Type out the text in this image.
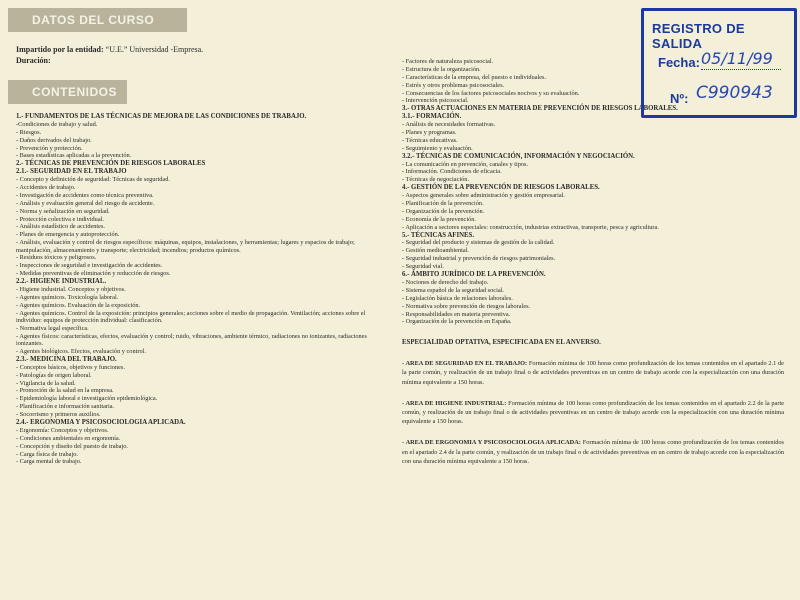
DATOS DEL CURSO
Impartido por la entidad: “U.E.” Universidad -Empresa.
Duración:
CONTENIDOS
1.- FUNDAMENTOS DE LAS TÉCNICAS DE MEJORA DE LAS CONDICIONES DE TRABAJO.
-Condiciones de trabajo y salud.
- Riesgos.
- Daños derivados del trabajo.
- Prevención y protección.
- Bases estadísticas aplicadas a la prevención.
2.- TÉCNICAS DE PREVENCIÓN DE RIESGOS LABORALES
2.1.- SEGURIDAD EN EL TRABAJO
- Concepto y definición de seguridad: Técnicas de seguridad.
- Accidentes de trabajo.
- Investigación de accidentes como técnica preventiva.
- Análisis y evaluación general del riesgo de accidente.
- Norma y señalización en seguridad.
- Protección colectiva e individual.
- Análisis estadístico de accidentes.
- Planes de emergencia y autoprotección.
- Análisis, evaluación y control de riesgos específicos: máquinas, equipos, instalaciones, y herramientas; lugares y espacios de trabajo; manipulación, almacenamiento y transporte; electricidad; incendios; productos químicos.
- Residuos tóxicos y peligrosos.
- Inspecciones de seguridad e investigación de accidentes.
- Medidas preventivas de eliminación y reducción de riesgos.
2.2.- HIGIENE INDUSTRIAL.
- Higiene industrial. Conceptos y objetivos.
- Agentes químicos. Toxicología laboral.
- Agentes químicos. Evaluación de la exposición.
- Agentes químicos. Control de la exposición: principios generales; acciones sobre el medio de propagación. Ventilación; acciones sobre el individuo: equipos de protección individual: clasificación.
- Normativa legal específica.
- Agentes físicos: características, efectos, evaluación y control; ruido, vibraciones, ambiente térmico, radiaciones no ionizantes, radiaciones ionizantes.
- Agentes biológicos. Efectos, evaluación y control.
2.3.- MEDICINA DEL TRABAJO.
- Conceptos básicos, objetivos y funciones.
- Patologías de origen laboral.
- Vigilancia de la salud.
- Promoción de la salud en la empresa.
- Epidemiología laboral e investigación epidemiológica.
- Planificación e información sanitaria.
- Socorrismo y primeros auxilios.
2.4.- ERGONOMIA Y PSICOSOCIOLOGIA APLICADA.
- Ergonomía: Conceptos y objetivos.
- Condiciones ambientales en ergonomía.
- Concepción y diseño del puesto de trabajo.
- Carga física de trabajo.
- Carga mental de trabajo.
- Factores de naturaleza psicosocial.
- Estructura de la organización.
- Características de la empresa, del puesto e individuales.
- Estrés y otros problemas psicosociales.
- Consecuencias de los factores psicosociales nocivos y su evaluación.
- Intervención psicosocial.
3.- OTRAS ACTUACIONES EN MATERIA DE PREVENCIÓN DE RIESGOS LABORALES.
3.1.- FORMACIÓN.
- Análisis de necesidades formativas.
- Planes y programas.
- Técnicas educativas.
- Seguimiento y evaluación.
3.2.- TÉCNICAS DE COMUNICACIÓN, INFORMACIÓN Y NEGOCIACIÓN.
- La comunicación en prevención, canales y tipos.
- Información. Condiciones de eficacia.
- Técnicas de negociación.
4.- GESTIÓN DE LA PREVENCIÓN DE RIESGOS LABORALES.
- Aspectos generales sobre administración y gestión empresarial.
- Planificación de la prevención.
- Organización de la prevención.
- Economía de la prevención.
- Aplicación a sectores especiales: construcción, industrias extractivas, transporte, pesca y agricultura.
5.- TÉCNICAS AFINES.
- Seguridad del producto y sistemas de gestión de la calidad.
- Gestión medioambiental.
- Seguridad industrial y prevención de riesgos patrimoniales.
- Seguridad vial.
6.- ÁMBITO JURÍDICO DE LA PREVENCIÓN.
- Nociones de derecho del trabajo.
- Sistema español de la seguridad social.
- Legislación básica de relaciones laborales.
- Normativa sobre prevención de riesgos laborales.
- Responsabilidades en materia preventiva.
- Organización de la prevención en España.
ESPECIALIDAD OPTATIVA, ESPECIFICADA EN EL ANVERSO.
- AREA DE SEGURIDAD EN EL TRABAJO: Formación mínima de 100 horas como profundización de los temas contenidos en el apartado 2.1 de la parte común, y realización de un trabajo final o de actividades preventivas en un centro de trabajo acorde con la especialización con una duración mínima equivalente a 150 horas.
- AREA DE HIGIENE INDUSTRIAL: Formación mínima de 100 horas como profundización de los temas contenidos en el apartado 2.2 de la parte común, y realización de un trabajo final o de actividades preventivas en un centro de trabajo acorde con la especialización con una duración mínima equivalente a 150 horas.
- AREA DE ERGONOMIA Y PSICOSOCIOLOGIA APLICADA: Formación mínima de 100 horas como profundización de los temas contenidos en el apartado 2.4 de la parte común, y realización de un trabajo final o de actividades preventivas en un centro de trabajo acorde con la especialización con una duración mínima equivalente a 150 horas.
REGISTRO DE SALIDA
Fecha: 05/11/99
Nº: C990943
